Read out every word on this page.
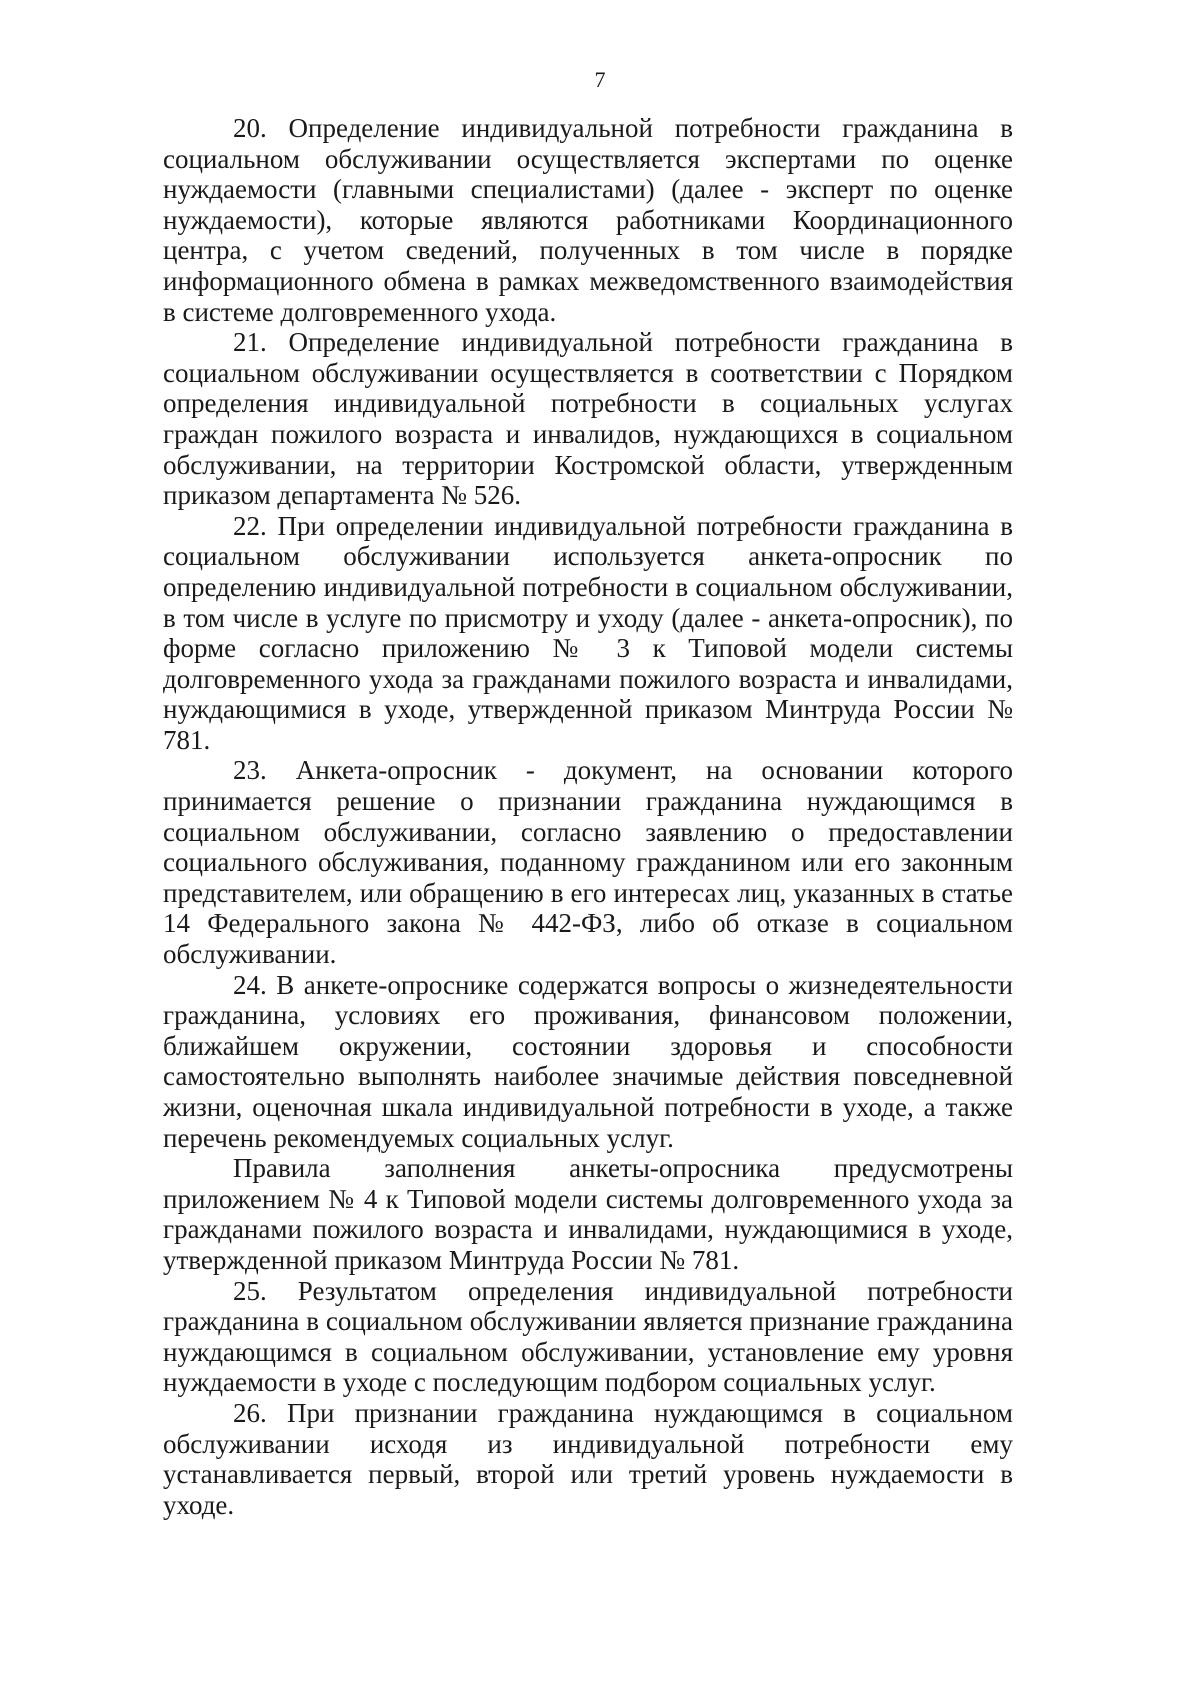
7

20. Определение индивидуальной потребности гражданина в социальном обслуживании осуществляется экспертами по оценке нуждаемости (главными специалистами) (далее - эксперт по оценке нуждаемости), которые являются работниками Координационного центра, с учетом сведений, полученных в том числе в порядке информационного обмена в рамках межведомственного взаимодействия в системе долговременного ухода.

21. Определение индивидуальной потребности гражданина в социальном обслуживании осуществляется в соответствии с Порядком определения индивидуальной потребности в социальных услугах граждан пожилого возраста и инвалидов, нуждающихся в социальном обслуживании, на территории Костромской области, утвержденным приказом департамента № 526.

22. При определении индивидуальной потребности гражданина в социальном обслуживании используется анкета-опросник по определению индивидуальной потребности в социальном обслуживании, в том числе в услуге по присмотру и уходу (далее - анкета-опросник), по форме согласно приложению № 3 к Типовой модели системы долговременного ухода за гражданами пожилого возраста и инвалидами, нуждающимися в уходе, утвержденной приказом Минтруда России № 781.

23. Анкета-опросник - документ, на основании которого принимается решение о признании гражданина нуждающимся в социальном обслуживании, согласно заявлению о предоставлении социального обслуживания, поданному гражданином или его законным представителем, или обращению в его интересах лиц, указанных в статье 14 Федерального закона № 442-ФЗ, либо об отказе в социальном обслуживании.

24. В анкете-опроснике содержатся вопросы о жизнедеятельности гражданина, условиях его проживания, финансовом положении, ближайшем окружении, состоянии здоровья и способности самостоятельно выполнять наиболее значимые действия повседневной жизни, оценочная шкала индивидуальной потребности в уходе, а также перечень рекомендуемых социальных услуг.

Правила заполнения анкеты-опросника предусмотрены приложением № 4 к Типовой модели системы долговременного ухода за гражданами пожилого возраста и инвалидами, нуждающимися в уходе, утвержденной приказом Минтруда России № 781.

25. Результатом определения индивидуальной потребности гражданина в социальном обслуживании является признание гражданина нуждающимся в социальном обслуживании, установление ему уровня нуждаемости в уходе с последующим подбором социальных услуг.

26. При признании гражданина нуждающимся в социальном обслуживании исходя из индивидуальной потребности ему устанавливается первый, второй или третий уровень нуждаемости в уходе.
